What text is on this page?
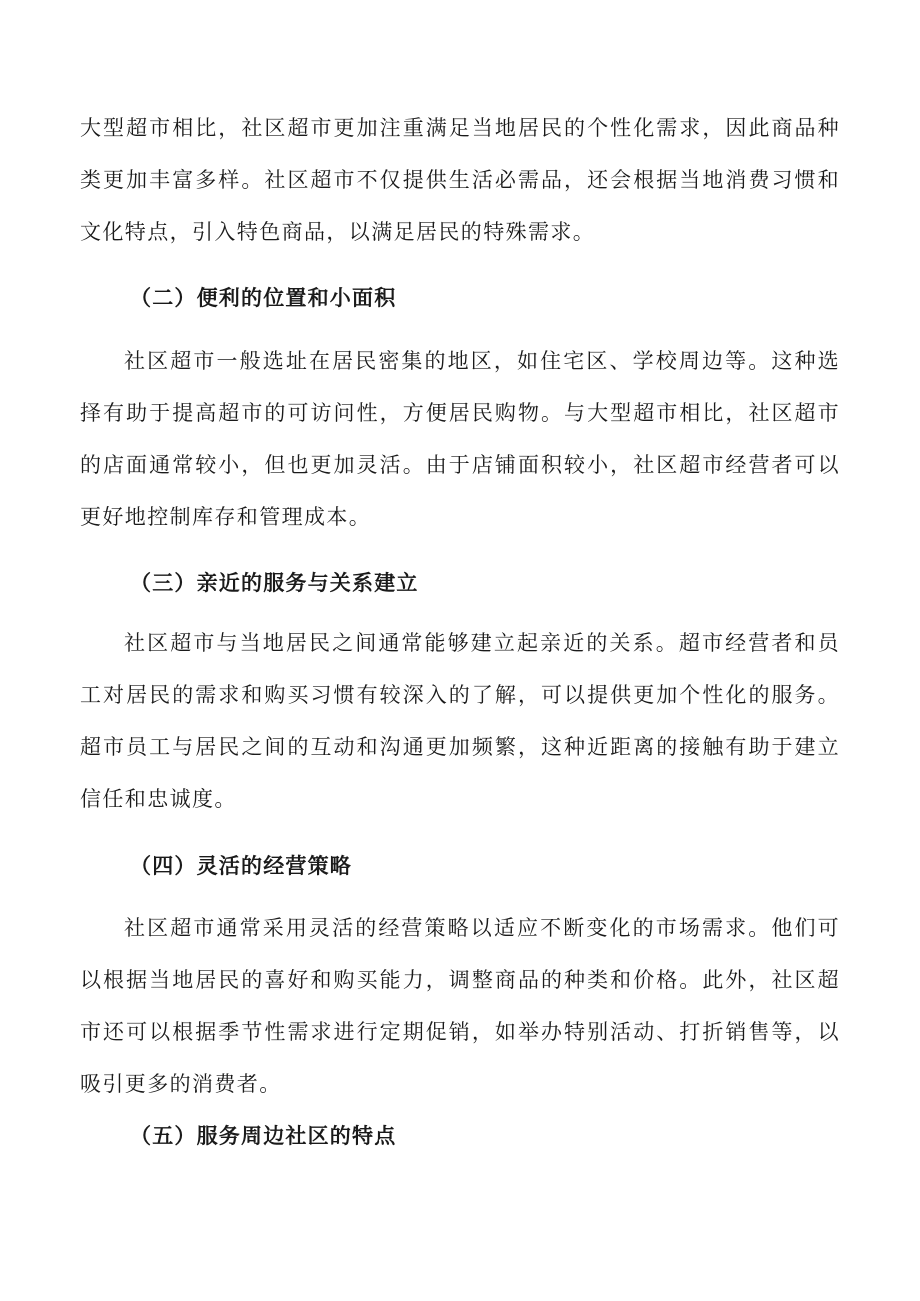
大型超市相比，社区超市更加注重满足当地居民的个性化需求，因此商品种类更加丰富多样。社区超市不仅提供生活必需品，还会根据当地消费习惯和文化特点，引入特色商品，以满足居民的特殊需求。

（二）便利的位置和小面积

社区超市一般选址在居民密集的地区，如住宅区、学校周边等。这种选择有助于提高超市的可访问性，方便居民购物。与大型超市相比，社区超市的店面通常较小，但也更加灵活。由于店铺面积较小，社区超市经营者可以更好地控制库存和管理成本。

（三）亲近的服务与关系建立

社区超市与当地居民之间通常能够建立起亲近的关系。超市经营者和员工对居民的需求和购买习惯有较深入的了解，可以提供更加个性化的服务。超市员工与居民之间的互动和沟通更加频繁，这种近距离的接触有助于建立信任和忠诚度。

（四）灵活的经营策略

社区超市通常采用灵活的经营策略以适应不断变化的市场需求。他们可以根据当地居民的喜好和购买能力，调整商品的种类和价格。此外，社区超市还可以根据季节性需求进行定期促销，如举办特别活动、打折销售等，以吸引更多的消费者。

（五）服务周边社区的特点
